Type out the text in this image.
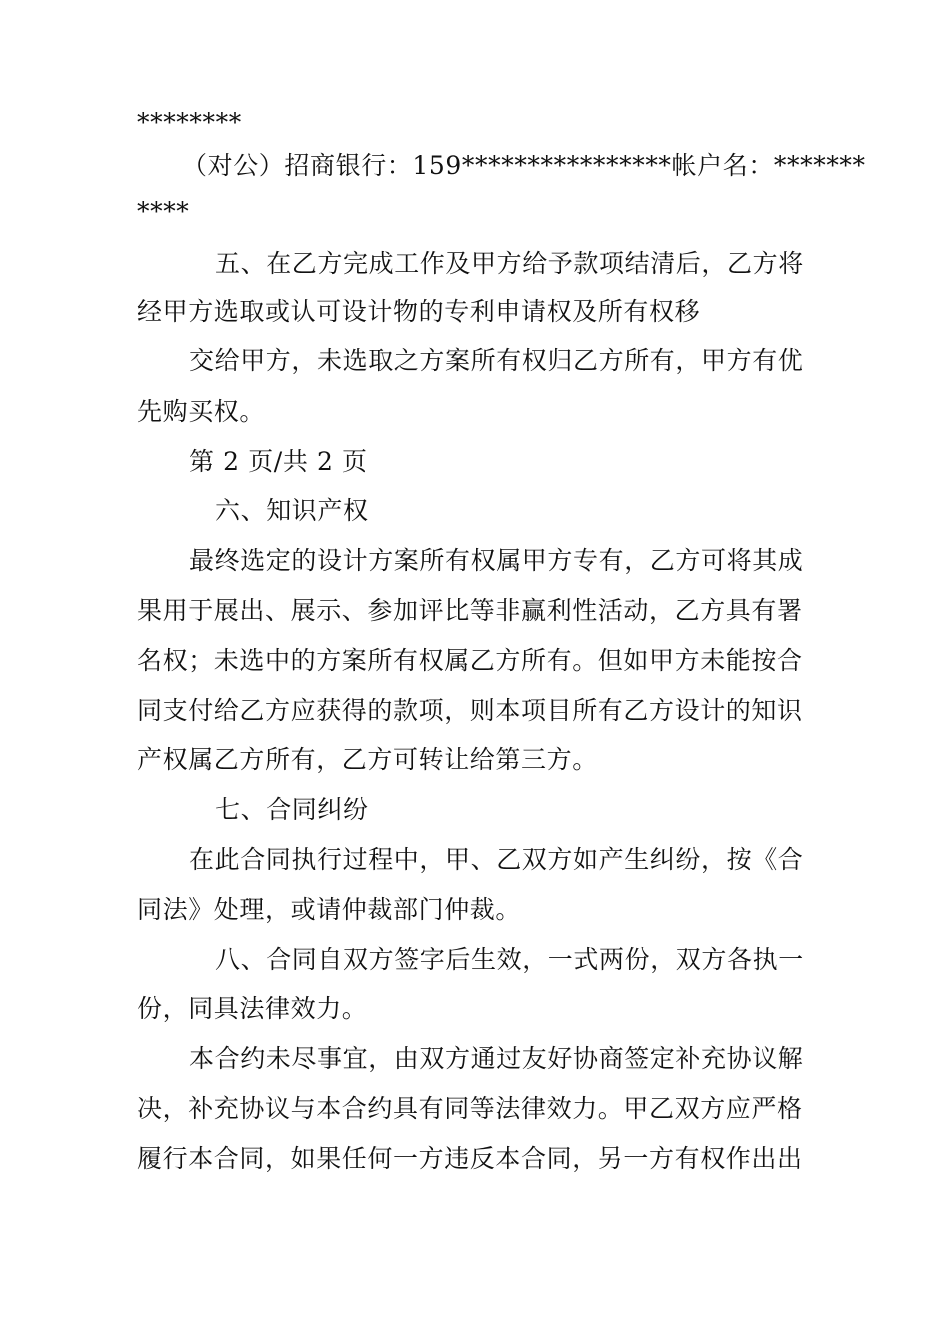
********
（对公）招商银行：159****************帐户名：*******
****
五、在乙方完成工作及甲方给予款项结清后，乙方将
经甲方选取或认可设计物的专利申请权及所有权移
交给甲方，未选取之方案所有权归乙方所有，甲方有优
先购买权。
第 2 页/共 2 页
六、知识产权
最终选定的设计方案所有权属甲方专有，乙方可将其成
果用于展出、展示、参加评比等非赢利性活动，乙方具有署
名权；未选中的方案所有权属乙方所有。但如甲方未能按合
同支付给乙方应获得的款项，则本项目所有乙方设计的知识
产权属乙方所有，乙方可转让给第三方。
七、合同纠纷
在此合同执行过程中，甲、乙双方如产生纠纷，按《合
同法》处理，或请仲裁部门仲裁。
八、合同自双方签字后生效，一式两份，双方各执一
份，同具法律效力。
本合约未尽事宜，由双方通过友好协商签定补充协议解
决，补充协议与本合约具有同等法律效力。甲乙双方应严格
履行本合同，如果任何一方违反本合同，另一方有权作出出
